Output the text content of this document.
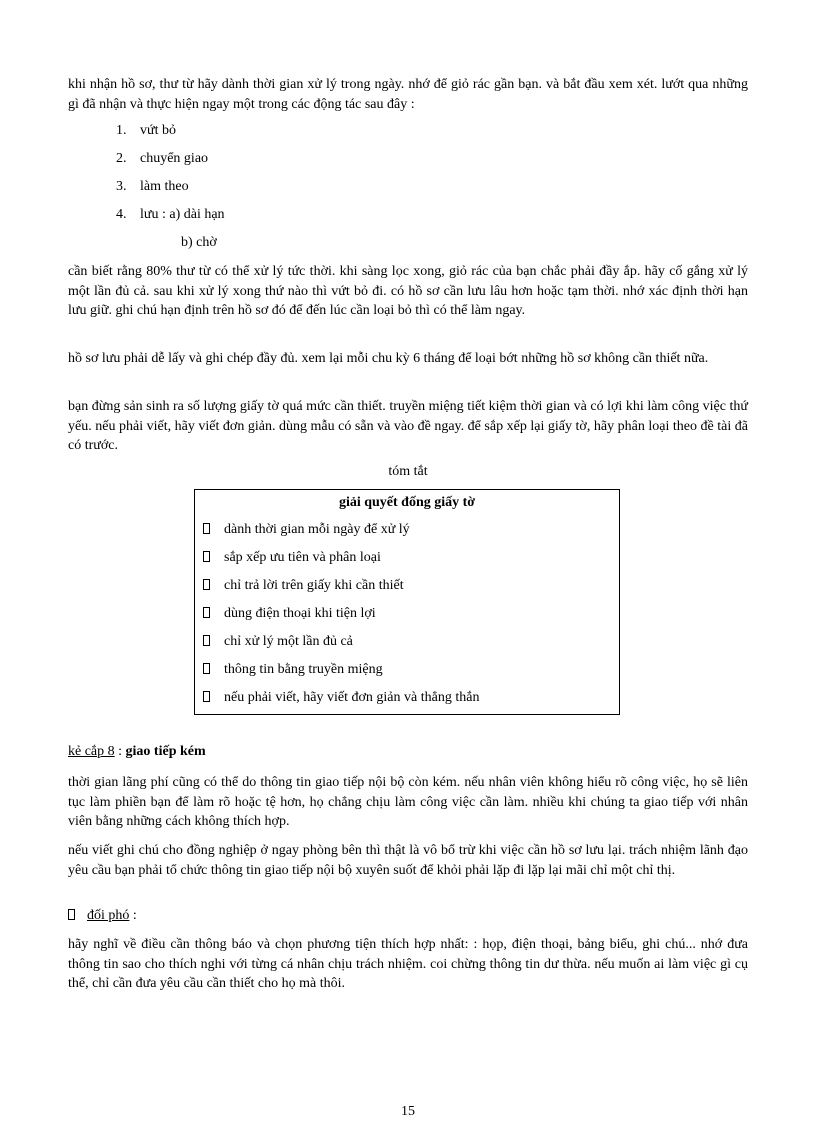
khi nhận hồ sơ, thư từ hãy dành thời gian xử lý trong ngày. nhớ để giỏ rác gần bạn. và bắt đầu xem xét. lướt qua những gì đã nhận và thực hiện ngay một trong các động tác sau đây :

1. vứt bỏ
2. chuyển giao
3. làm theo
4. lưu : a) dài hạn
b) chờ

cần biết rằng 80% thư từ có thể xử lý tức thời. khi sàng lọc xong, giỏ rác của bạn chắc phải đầy ắp. hãy cố gắng xử lý một lần đủ cả. sau khi xử lý xong thứ nào thì vứt bỏ đi. có hồ sơ cần lưu lâu hơn hoặc tạm thời. nhớ xác định thời hạn lưu giữ. ghi chú hạn định trên hồ sơ đó để đến lúc cần loại bỏ thì có thể làm ngay.

hồ sơ lưu phải dễ lấy và ghi chép đầy đủ. xem lại mỗi chu kỳ 6 tháng để loại bớt những hồ sơ không cần thiết nữa.

bạn đừng sản sinh ra số lượng giấy tờ quá mức cần thiết. truyền miệng tiết kiệm thời gian và có lợi khi làm công việc thứ yếu. nếu phải viết, hãy viết đơn giản. dùng mẫu có sẵn và vào đề ngay. để sắp xếp lại giấy tờ, hãy phân loại theo đề tài đã có trước.

tóm tắt
giải quyết đống giấy tờ
dành thời gian mỗi ngày để xử lý
sắp xếp ưu tiên và phân loại
chỉ trả lời trên giấy khi cần thiết
dùng điện thoại khi tiện lợi
chỉ xử lý một lần đủ cả
thông tin bằng truyền miệng
nếu phải viết, hãy viết đơn giản và thẳng thắn
kẻ cắp 8 : giao tiếp kém

thời gian lãng phí cũng có thể do thông tin giao tiếp nội bộ còn kém. nếu nhân viên không hiểu rõ công việc, họ sẽ liên tục làm phiền bạn để làm rõ hoặc tệ hơn, họ chẳng chịu làm công việc cần làm. nhiều khi chúng ta giao tiếp với nhân viên bằng những cách không thích hợp.

nếu viết ghi chú cho đồng nghiệp ở ngay phòng bên thì thật là vô bổ trừ khi việc cần hồ sơ lưu lại. trách nhiệm lãnh đạo yêu cầu bạn phải tổ chức thông tin giao tiếp nội bộ xuyên suốt để khỏi phải lặp đi lặp lại mãi chỉ một chỉ thị.

đối phó :

hãy nghĩ về điều cần thông báo và chọn phương tiện thích hợp nhất: : họp, điện thoại, bảng biểu, ghi chú... nhớ đưa thông tin sao cho thích nghi với từng cá nhân chịu trách nhiệm. coi chừng thông tin dư thừa. nếu muốn ai làm việc gì cụ thể, chỉ cần đưa yêu cầu cần thiết cho họ mà thôi.

15
